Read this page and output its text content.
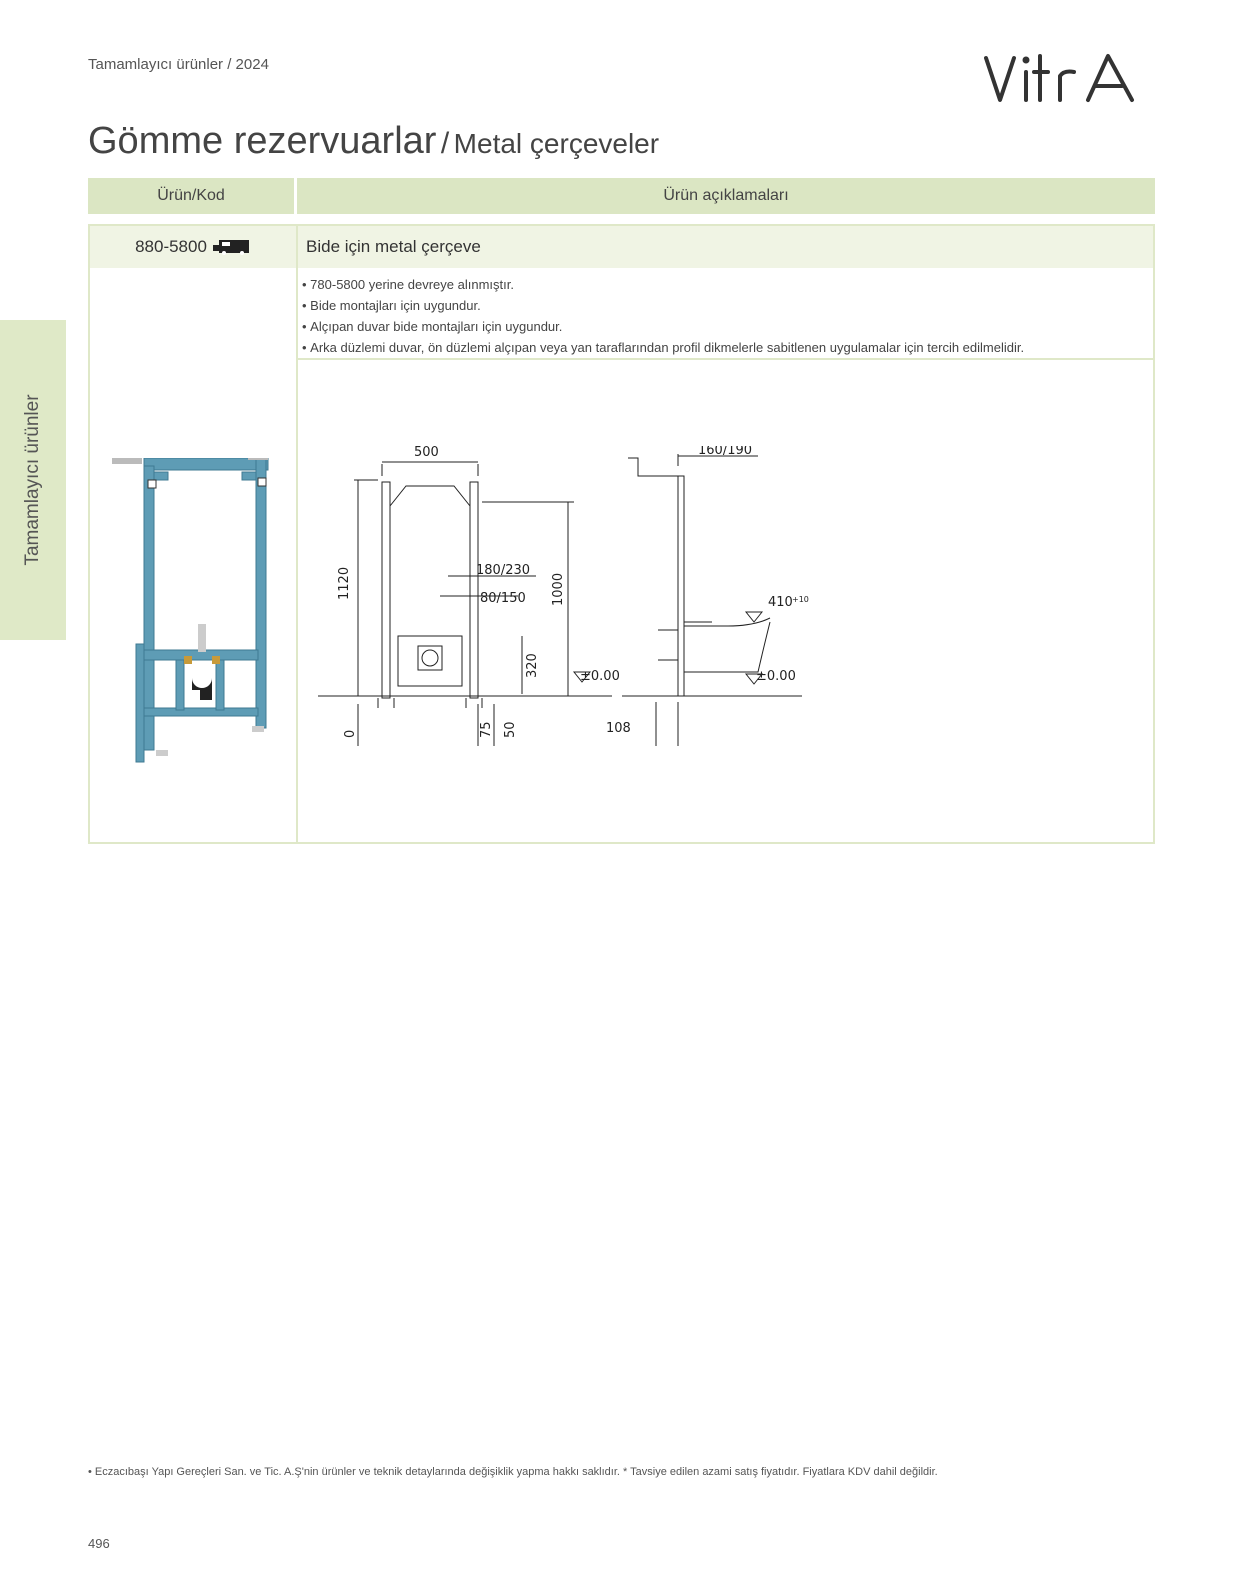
Tamamlayıcı ürünler / 2024
Gömme rezervuarlar / Metal çerçeveler
Tamamlayıcı ürünler
Ürün/Kod	Ürün açıklamaları
880-5800	Bide için metal çerçeve
• 780-5800 yerine devreye alınmıştır.
• Bide montajları için uygundur.
• Alçıpan duvar bide montajları için uygundur.
• Arka düzlemi duvar, ön düzlemi alçıpan veya yan taraflarından profil dikmelerle sabitlenen uygulamalar için tercih edilmelidir.
500
1120	1000
180/230
80/150
320	±0.00
0	75 50
160/190
410 +10
±0.00
108
• Eczacıbaşı Yapı Gereçleri San. ve Tic. A.Ş'nin ürünler ve teknik detaylarında değişiklik yapma hakkı saklıdır. * Tavsiye edilen azami satış fiyatıdır. Fiyatlara KDV dahil değildir.
496
